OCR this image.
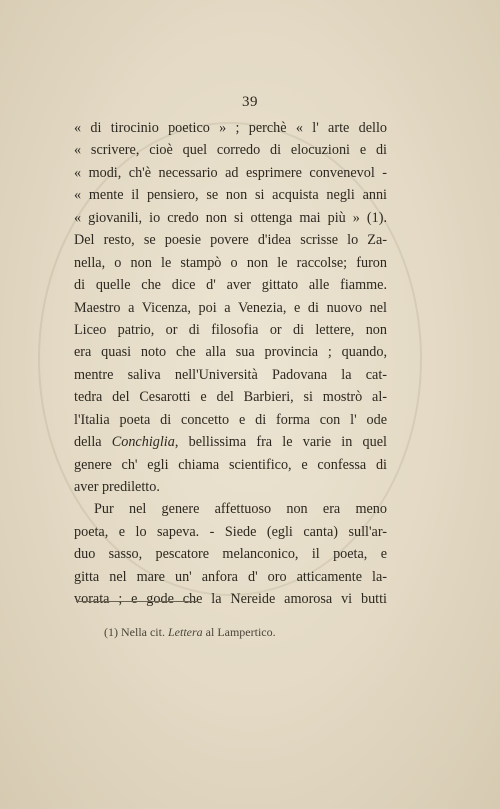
39
« di tirocinio poetico » ; perchè « l' arte dello
« scrivere, cioè quel corredo di elocuzioni e di
« modi, ch'è necessario ad esprimere convenevol -
« mente il pensiero, se non si acquista negli anni
« giovanili, io credo non si ottenga mai più » (1).
Del resto, se poesie povere d'idea scrisse lo Za-
nella, o non le stampò o non le raccolse; furon
di quelle che dice d' aver gittato alle fiamme.
Maestro a Vicenza, poi a Venezia, e di nuovo nel
Liceo patrio, or di filosofia or di lettere, non
era quasi noto che alla sua provincia ; quando,
mentre saliva nell'Università Padovana la cat-
tedra del Cesarotti e del Barbieri, si mostrò al-
l'Italia poeta di concetto e di forma con l' ode
della Conchiglia, bellissima fra le varie in quel
genere ch' egli chiama scientifico, e confessa di
aver prediletto.
Pur nel genere affettuoso non era meno
poeta, e lo sapeva. - Siede (egli canta) sull'ar-
duo sasso, pescatore melanconico, il poeta, e
gitta nel mare un' anfora d' oro atticamente la-
vorata ; e gode che la Nereide amorosa vi butti
(1) Nella cit. Lettera al Lampertico.
